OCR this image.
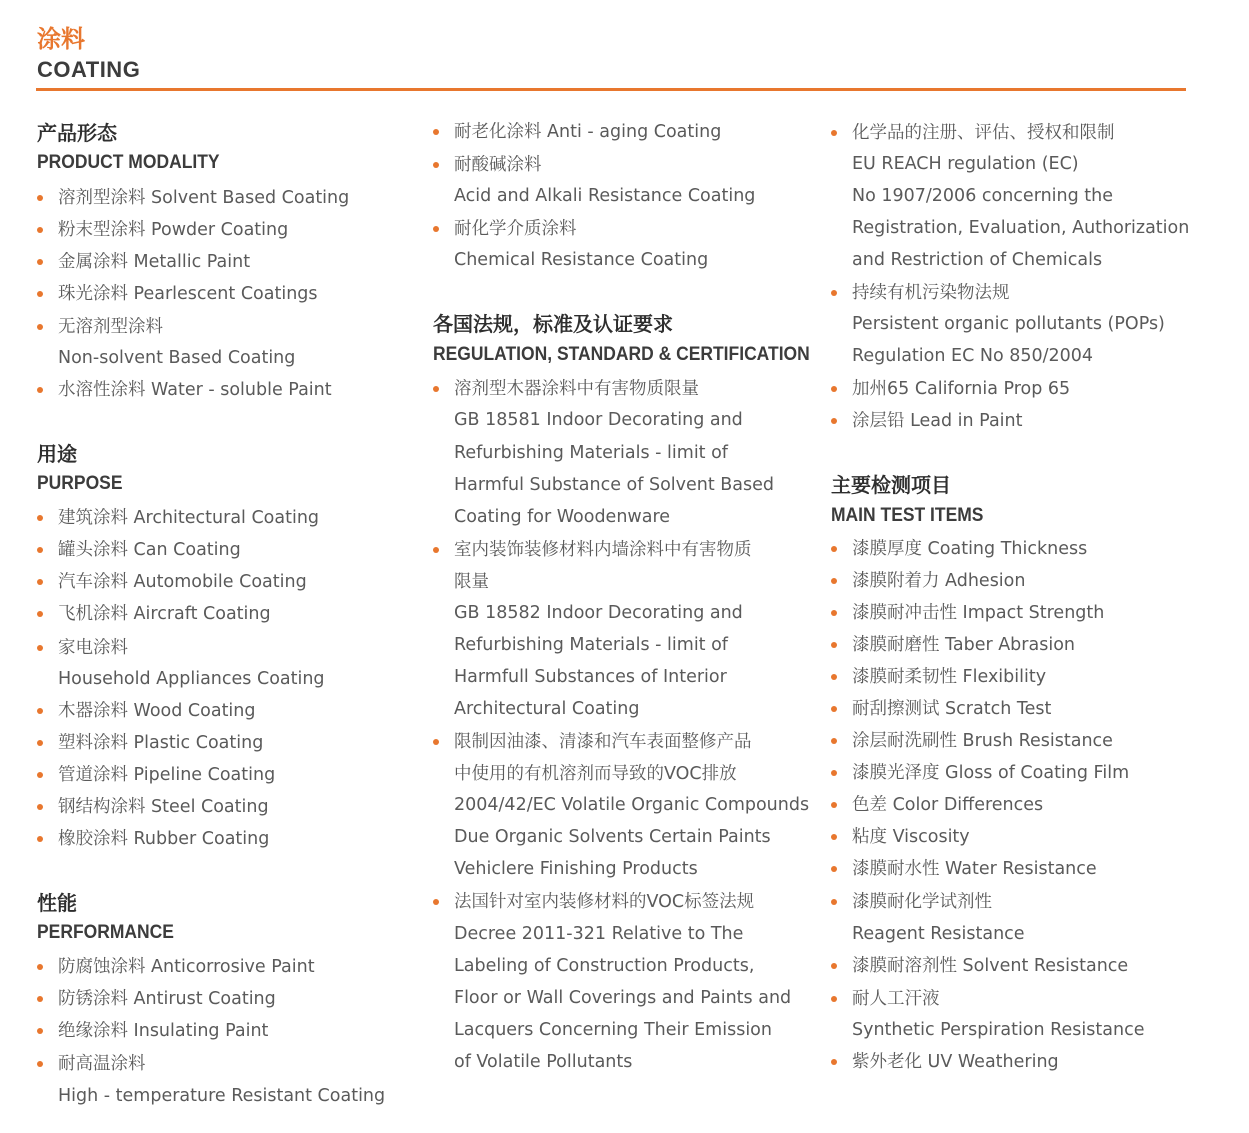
涂料
COATING
产品形态
PRODUCT MODALITY
溶剂型涂料 Solvent Based Coating
粉末型涂料 Powder Coating
金属涂料 Metallic Paint
珠光涂料 Pearlescent Coatings
无溶剂型涂料
Non-solvent Based Coating
水溶性涂料 Water - soluble Paint
用途
PURPOSE
建筑涂料 Architectural Coating
罐头涂料 Can Coating
汽车涂料 Automobile Coating
飞机涂料 Aircraft Coating
家电涂料
Household Appliances Coating
木器涂料 Wood Coating
塑料涂料 Plastic Coating
管道涂料 Pipeline Coating
钢结构涂料 Steel Coating
橡胶涂料 Rubber Coating
性能
PERFORMANCE
防腐蚀涂料 Anticorrosive Paint
防锈涂料 Antirust Coating
绝缘涂料 Insulating Paint
耐高温涂料
High - temperature Resistant Coating
耐老化涂料 Anti - aging Coating
耐酸碱涂料
Acid and Alkali Resistance Coating
耐化学介质涂料
Chemical Resistance Coating
各国法规，标准及认证要求
REGULATION, STANDARD & CERTIFICATION
溶剂型木器涂料中有害物质限量
GB 18581 Indoor Decorating and
Refurbishing Materials - limit of
Harmful Substance of Solvent Based
Coating for Woodenware
室内装饰装修材料内墙涂料中有害物质
限量
GB 18582 Indoor Decorating and
Refurbishing Materials - limit of
Harmfull Substances of Interior
Architectural Coating
限制因油漆、清漆和汽车表面整修产品
中使用的有机溶剂而导致的VOC排放
2004/42/EC Volatile Organic Compounds
Due Organic Solvents Certain Paints
Vehiclere Finishing Products
法国针对室内装修材料的VOC标签法规
Decree 2011-321 Relative to The
Labeling of Construction Products,
Floor or Wall Coverings and Paints and
Lacquers Concerning Their Emission
of Volatile Pollutants
化学品的注册、评估、授权和限制
EU REACH regulation (EC)
No 1907/2006 concerning the
Registration, Evaluation, Authorization
and Restriction of Chemicals
持续有机污染物法规
Persistent organic pollutants (POPs)
Regulation EC No 850/2004
加州65 California Prop 65
涂层铅 Lead in Paint
主要检测项目
MAIN TEST ITEMS
漆膜厚度 Coating Thickness
漆膜附着力 Adhesion
漆膜耐冲击性 Impact Strength
漆膜耐磨性 Taber Abrasion
漆膜耐柔韧性 Flexibility
耐刮擦测试 Scratch Test
涂层耐洗刷性 Brush Resistance
漆膜光泽度 Gloss of Coating Film
色差 Color Differences
粘度 Viscosity
漆膜耐水性 Water Resistance
漆膜耐化学试剂性
Reagent Resistance
漆膜耐溶剂性 Solvent Resistance
耐人工汗液
Synthetic Perspiration Resistance
紫外老化 UV Weathering
